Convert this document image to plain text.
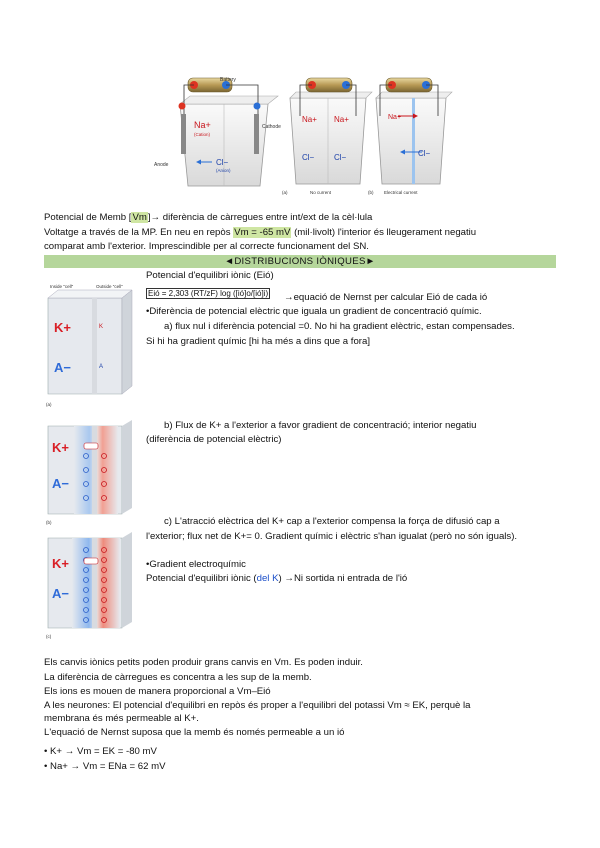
Battery
Na+
(Cation)
Cathode
Anode	Cl−
(Anion)
Na+ Na+
Cl− Cl−
(a)	No current
Na+
Cl−
(b) Electrical current
Potencial de Memb [Vm]→ diferència de càrregues entre int/ext de la cèl·lula
Voltatge a través de la MP. En neu en repòs Vm = -65 mV (mil·livolt) l'interior és lleugerament negatiu
comparat amb l'exterior. Imprescindible per al correcte funcionament del SN.
◄DISTRIBUCIONS IÒNIQUES►
K
A
K+
A−
Inside "cell"	Outside "cell"
(a)
K+
A−
(b)
K+
A−
(c)
Potencial d'equilibri iònic (Eió)
Eió = 2,303 (RT/zF) log ([ió]o/[ió]i) →equació de Nernst per calcular Eió de cada ió
•Diferència de potencial elèctric que iguala un gradient de concentració químic.
a) flux nul i diferència potencial =0. No hi ha gradient elèctric, estan compensades.
Si hi ha gradient químic [hi ha més a dins que a fora]
b) Flux de K+ a l'exterior a favor gradient de concentració; interior negatiu
(diferència de potencial elèctric)
c) L'atracció elèctrica del K+ cap a l'exterior compensa la força de difusió cap a
l'exterior; flux net de K+= 0. Gradient químic i elèctric s'han igualat (però no són iguals).
•Gradient electroquímic
Potencial d'equilibri iònic (del K) →Ni sortida ni entrada de l'ió
Els canvis iònics petits poden produir grans canvis en Vm. Es poden induir.
La diferència de càrregues es concentra a les sup de la memb.
Els ions es mouen de manera proporcional a Vm–Eió
A les neurones: El potencial d'equilibri en repòs és proper a l'equilibri del potassi Vm ≈ EK, perquè la
membrana és més permeable al K+.
L'equació de Nernst suposa que la memb és només permeable a un ió
• K+ → Vm = EK = -80 mV
• Na+ → Vm = ENa = 62 mV
